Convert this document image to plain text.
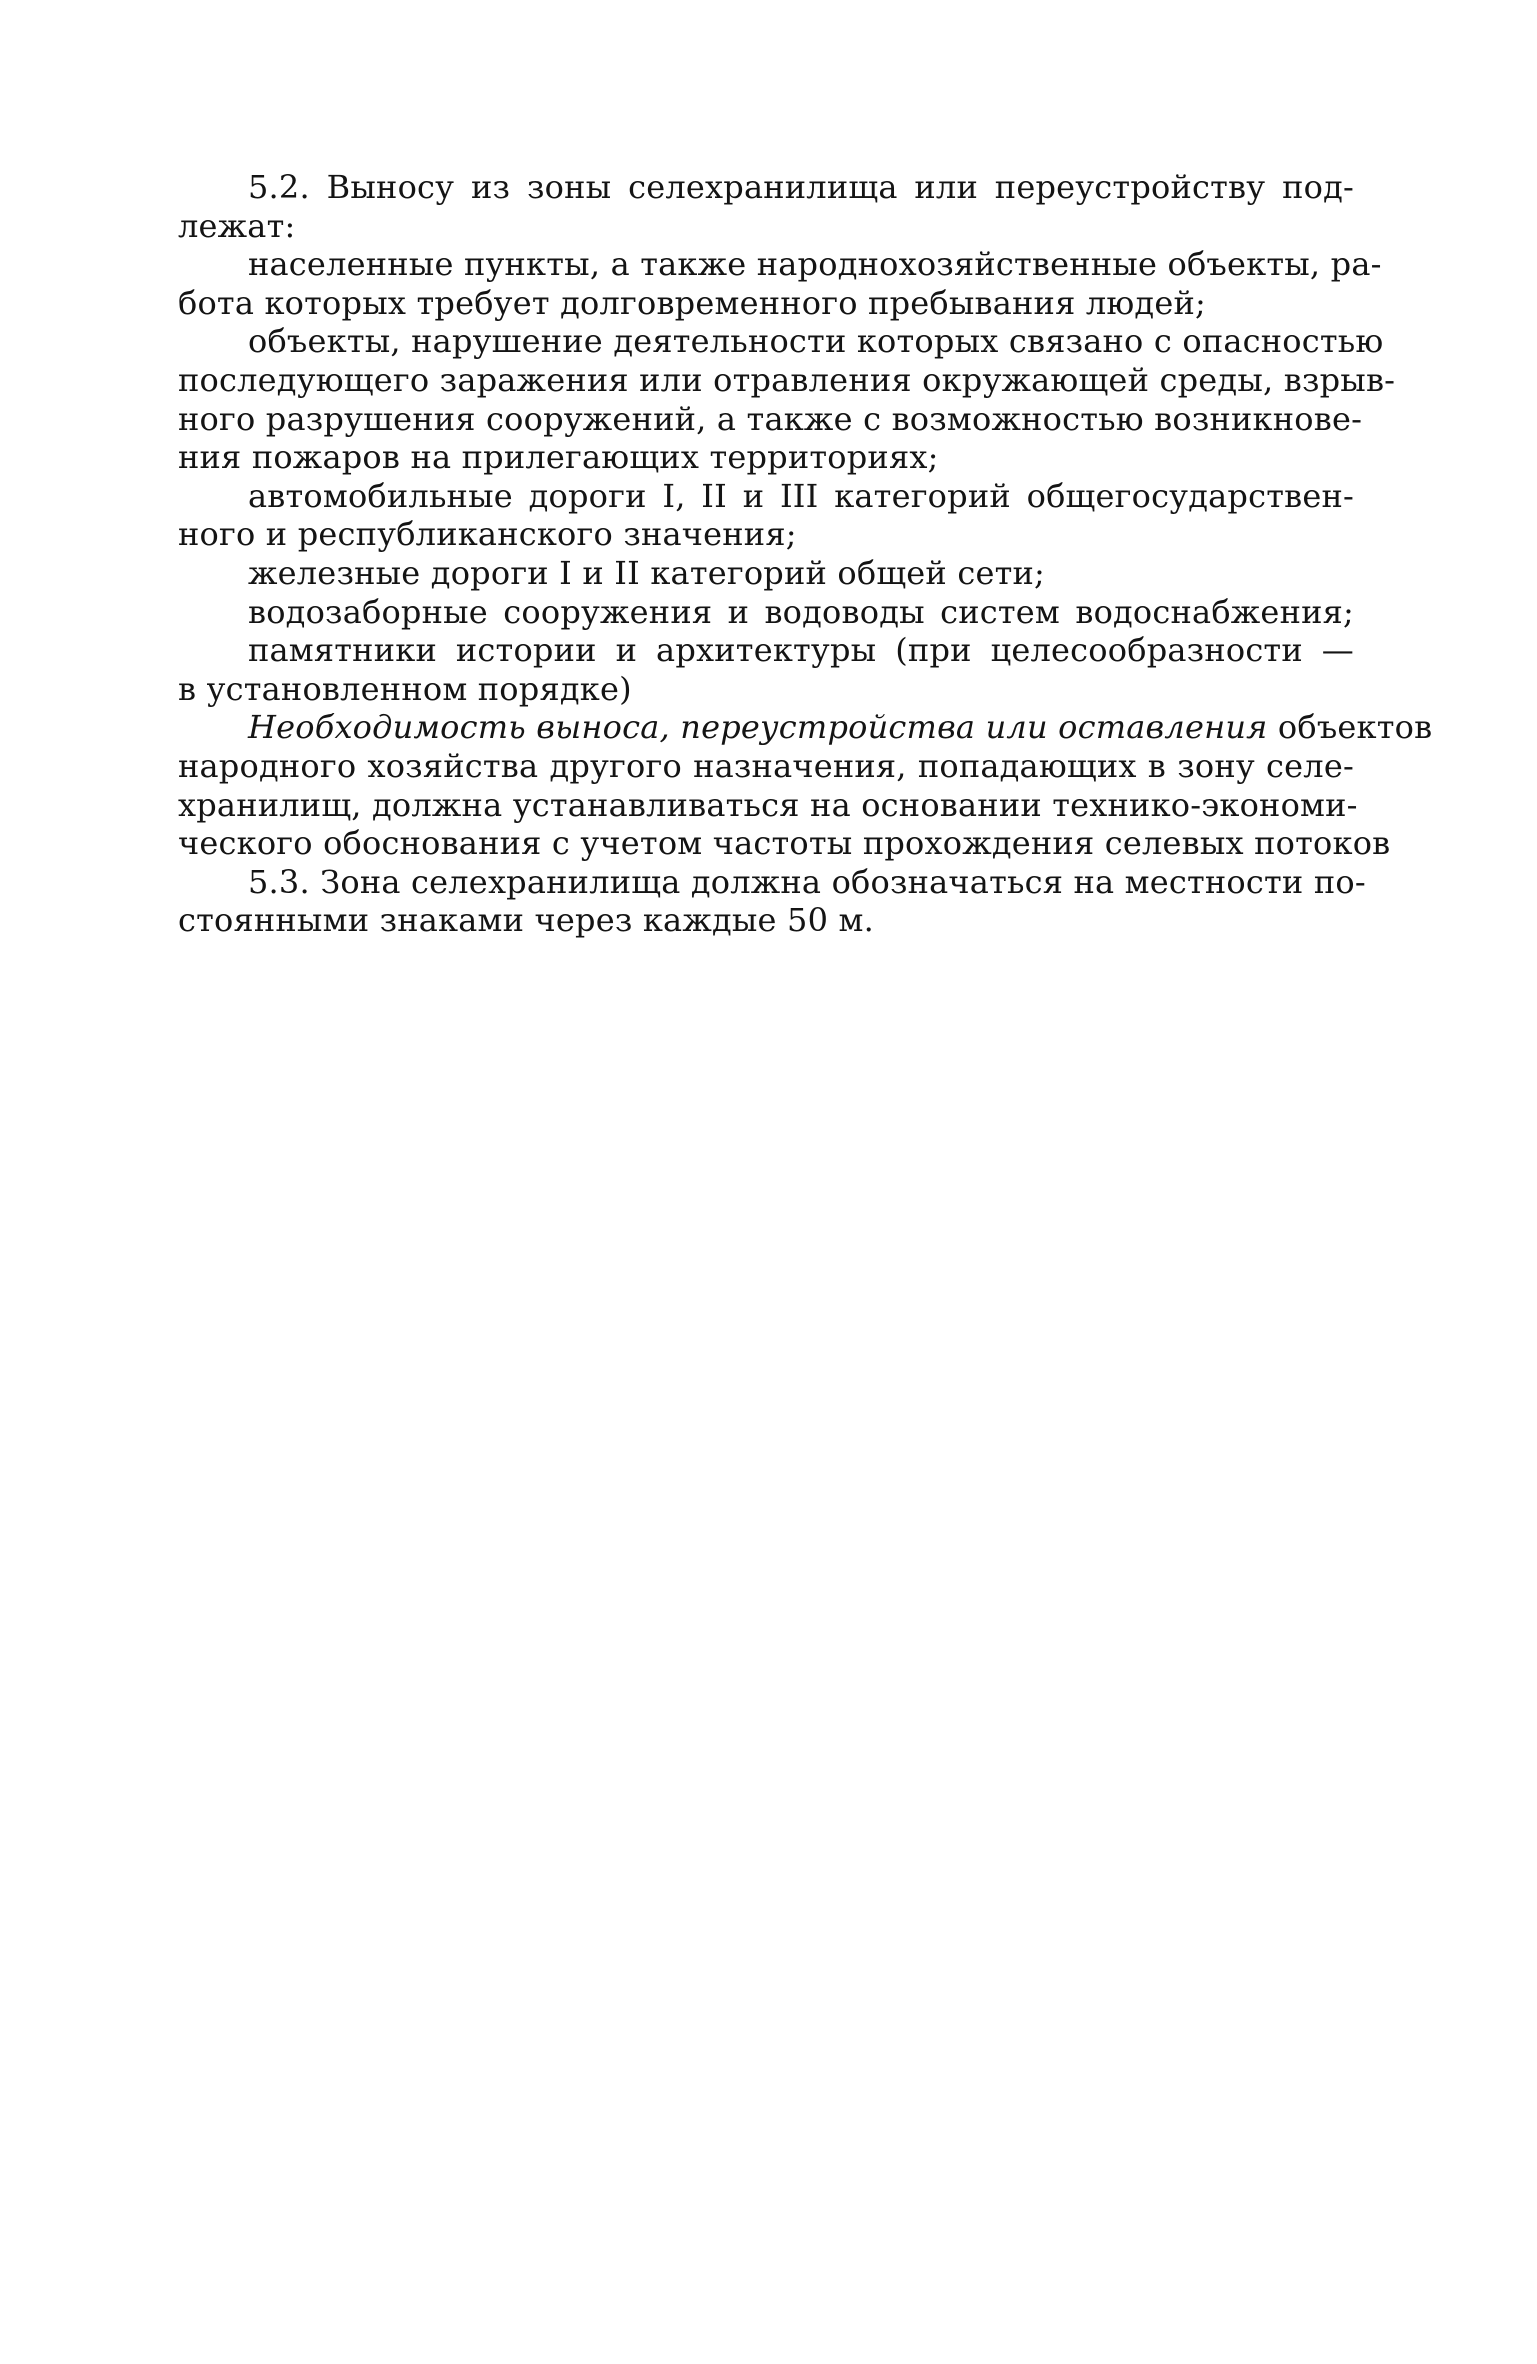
5.2. Выносу из зоны селехранилища или переустройству под-
лежат:
населенные пункты, а также народнохозяйственные объекты, ра-
бота которых требует долговременного пребывания людей;
объекты, нарушение деятельности которых связано с опасностью
последующего заражения или отравления окружающей среды, взрыв-
ного разрушения сооружений, а также с возможностью возникнове-
ния пожаров на прилегающих территориях;
автомобильные дороги I, II и III категорий общегосударствен-
ного и республиканского значения;
железные дороги I и II категорий общей сети;
водозаборные сооружения и водоводы систем водоснабжения;
памятники истории и архитектуры (при целесообразности —
в установленном порядке)
Необходимость выноса, переустройства или оставления объектов
народного хозяйства другого назначения, попадающих в зону селе-
хранилищ, должна устанавливаться на основании технико-экономи-
ческого обоснования с учетом частоты прохождения селевых потоков
5.3. Зона селехранилища должна обозначаться на местности по-
стоянными знаками через каждые 50 м.
